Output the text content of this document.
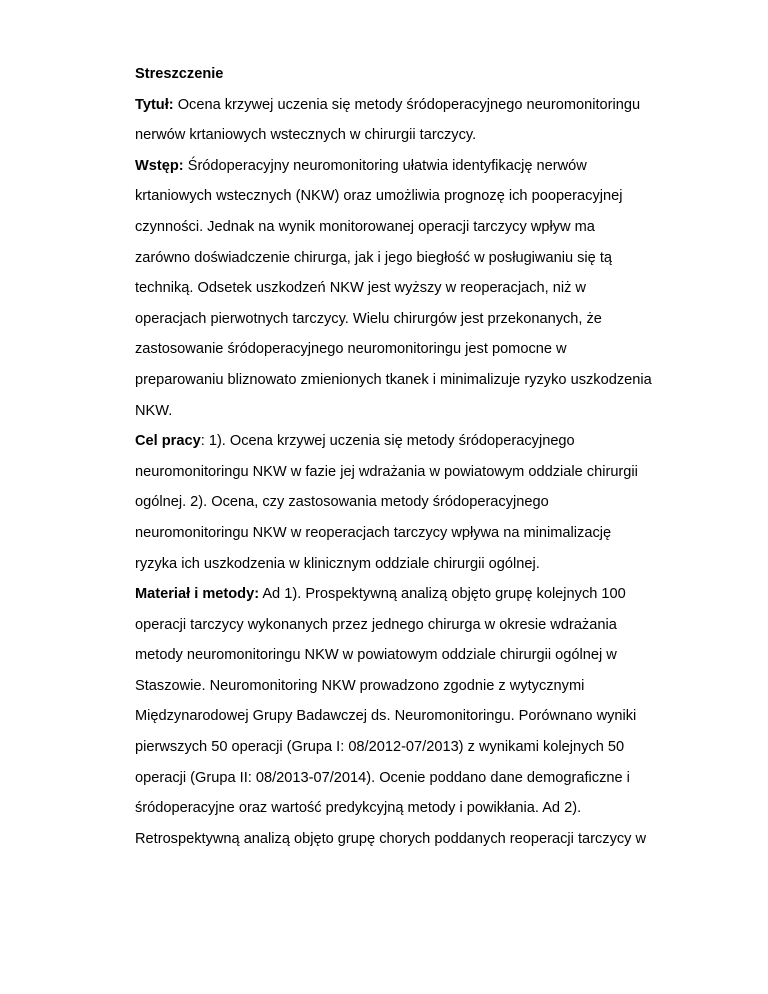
Streszczenie
Tytuł: Ocena krzywej uczenia się metody śródoperacyjnego neuromonitoringu
nerwów krtaniowych wstecznych w chirurgii tarczycy.
Wstęp: Śródoperacyjny neuromonitoring ułatwia identyfikację nerwów
krtaniowych wstecznych (NKW) oraz umożliwia prognozę ich pooperacyjnej
czynności. Jednak na wynik monitorowanej operacji tarczycy wpływ ma
zarówno doświadczenie chirurga, jak i jego biegłość w posługiwaniu się tą
techniką. Odsetek uszkodzeń NKW jest wyższy w reoperacjach, niż w
operacjach pierwotnych tarczycy. Wielu chirurgów jest przekonanych, że
zastosowanie śródoperacyjnego neuromonitoringu jest pomocne w
preparowaniu bliznowato zmienionych tkanek i minimalizuje ryzyko uszkodzenia
NKW.
Cel pracy: 1). Ocena krzywej uczenia się metody śródoperacyjnego
neuromonitoringu NKW w fazie jej wdrażania w powiatowym oddziale chirurgii
ogólnej. 2). Ocena, czy zastosowania metody śródoperacyjnego
neuromonitoringu NKW w reoperacjach tarczycy wpływa na minimalizację
ryzyka ich uszkodzenia w klinicznym oddziale chirurgii ogólnej.
Materiał i metody: Ad 1). Prospektywną analizą objęto grupę kolejnych 100
operacji tarczycy wykonanych przez jednego chirurga w okresie wdrażania
metody neuromonitoringu NKW w powiatowym oddziale chirurgii ogólnej w
Staszowie. Neuromonitoring NKW prowadzono zgodnie z wytycznymi
Międzynarodowej Grupy Badawczej ds. Neuromonitoringu. Porównano wyniki
pierwszych 50 operacji (Grupa I: 08/2012-07/2013) z wynikami kolejnych 50
operacji (Grupa II: 08/2013-07/2014). Ocenie poddano dane demograficzne i
śródoperacyjne oraz wartość predykcyjną metody i powikłania. Ad 2).
Retrospektywną analizą objęto grupę chorych poddanych reoperacji tarczycy w
